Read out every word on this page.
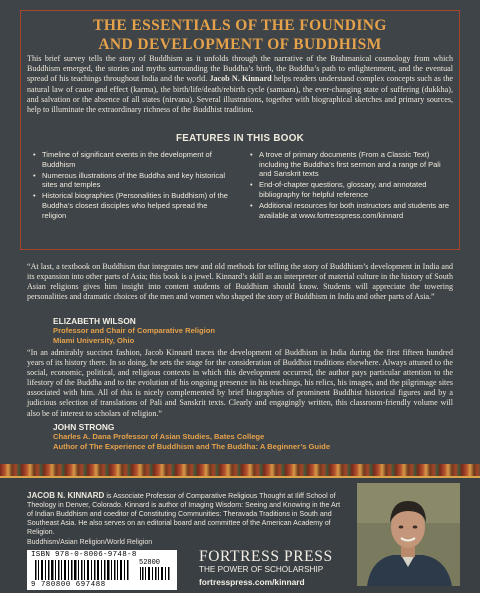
THE ESSENTIALS OF THE FOUNDING
AND DEVELOPMENT OF BUDDHISM
This brief survey tells the story of Buddhism as it unfolds through the narrative of the Brahmanical cosmology from which Buddhism emerged, the stories and myths surrounding the Buddha’s birth, the Buddha’s path to enlightenment, and the eventual spread of his teachings throughout India and the world. Jacob N. Kinnard helps readers understand complex concepts such as the natural law of cause and effect (karma), the birth/life/death/rebirth cycle (samsara), the ever-changing state of suffering (dukkha), and salvation or the absence of all states (nirvana). Several illustrations, together with biographical sketches and primary sources, help to illuminate the extraordinary richness of the Buddhist tradition.
FEATURES IN THIS BOOK
• Timeline of significant events in the development of Buddhism
• Numerous illustrations of the Buddha and key historical sites and temples
• Historical biographies (Personalities in Buddhism) of the Buddha’s closest disciples who helped spread the religion
• A trove of primary documents (From a Classic Text) including the Buddha’s first sermon and a range of Pali and Sanskrit texts
• End-of-chapter questions, glossary, and annotated bibliography for helpful reference
• Additional resources for both instructors and students are available at www.fortresspress.com/kinnard
“At last, a textbook on Buddhism that integrates new and old methods for telling the story of Buddhism’s development in India and its expansion into other parts of Asia; this book is a jewel. Kinnard’s skill as an interpreter of material culture in the history of South Asian religions gives him insight into content students of Buddhism should know. Students will appreciate the towering personalities and dramatic choices of the men and women who shaped the story of Buddhism in India and other parts of Asia.”
ELIZABETH WILSON
Professor and Chair of Comparative Religion
Miami University, Ohio
“In an admirably succinct fashion, Jacob Kinnard traces the development of Buddhism in India during the first fifteen hundred years of its history there. In so doing, he sets the stage for the consideration of Buddhist traditions elsewhere. Always attuned to the social, economic, political, and religious contexts in which this development occurred, the author pays particular attention to the lifestory of the Buddha and to the evolution of his ongoing presence in his teachings, his relics, his images, and the pilgrimage sites associated with him. All of this is nicely complemented by brief biographies of prominent Buddhist historical figures and by a judicious selection of translations of Pali and Sanskrit texts. Clearly and engagingly written, this classroom-friendly volume will also be of interest to scholars of religion.”
JOHN STRONG
Charles A. Dana Professor of Asian Studies, Bates College
Author of The Experience of Buddhism and The Buddha: A Beginner’s Guide
JACOB N. KINNARD is Associate Professor of Comparative Religious Thought at Iliff School of Theology in Denver, Colorado. Kinnard is author of Imaging Wisdom: Seeing and Knowing in the Art of Indian Buddhism and coeditor of Constituting Communities: Theravada Traditions in South and Southeast Asia. He also serves on an editorial board and committee of the American Academy of Religion.
Buddhism/Asian Religion/World Religion
ISBN 978-0-8006-9748-8
52800
9 780800 697488
FORTRESS PRESS
THE POWER OF SCHOLARSHIP
fortresspress.com/kinnard
